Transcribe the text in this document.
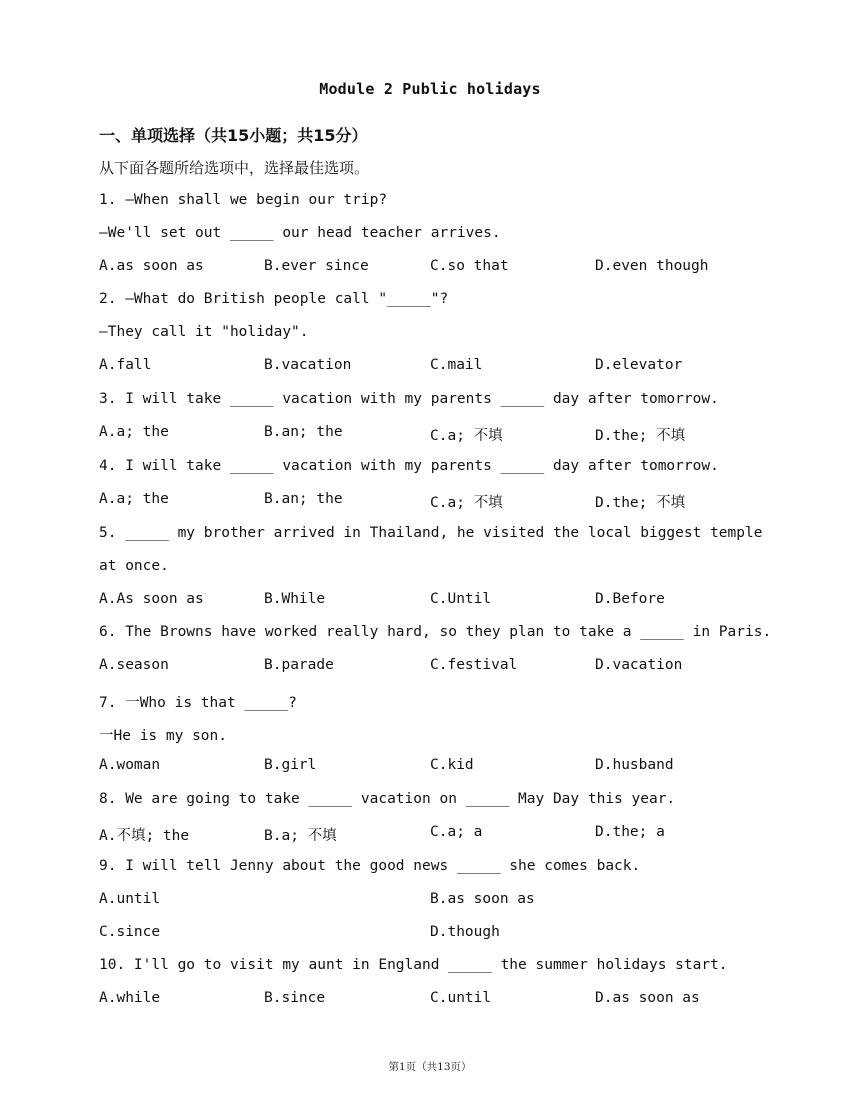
Module 2 Public holidays
一、单项选择（共15小题；共15分）
从下面各题所给选项中，选择最佳选项。
1. —When shall we begin our trip?
—We'll set out _____ our head teacher arrives.
A.as soon as	B.ever since	C.so that	D.even though
2. —What do British people call "_____"?
—They call it "holiday".
A.fall	B.vacation	C.mail	D.elevator
3. I will take _____ vacation with my parents _____ day after tomorrow.
A.a; the	B.an; the	C.a; 不填	D.the; 不填
4. I will take _____ vacation with my parents _____ day after tomorrow.
A.a; the	B.an; the	C.a; 不填	D.the; 不填
5. _____ my brother arrived in Thailand, he visited the local biggest temple
at once.
A.As soon as	B.While	C.Until	D.Before
6. The Browns have worked really hard, so they plan to take a _____ in Paris.
A.season	B.parade	C.festival	D.vacation
7. 一Who is that _____?
一He is my son.
A.woman	B.girl	C.kid	D.husband
8. We are going to take _____ vacation on _____ May Day this year.
A.不填; the	B.a; 不填	C.a; a	D.the; a
9. I will tell Jenny about the good news _____ she comes back.
A.until	B.as soon as
C.since	D.though
10. I'll go to visit my aunt in England _____ the summer holidays start.
A.while	B.since	C.until	D.as soon as
第1页（共13页）
